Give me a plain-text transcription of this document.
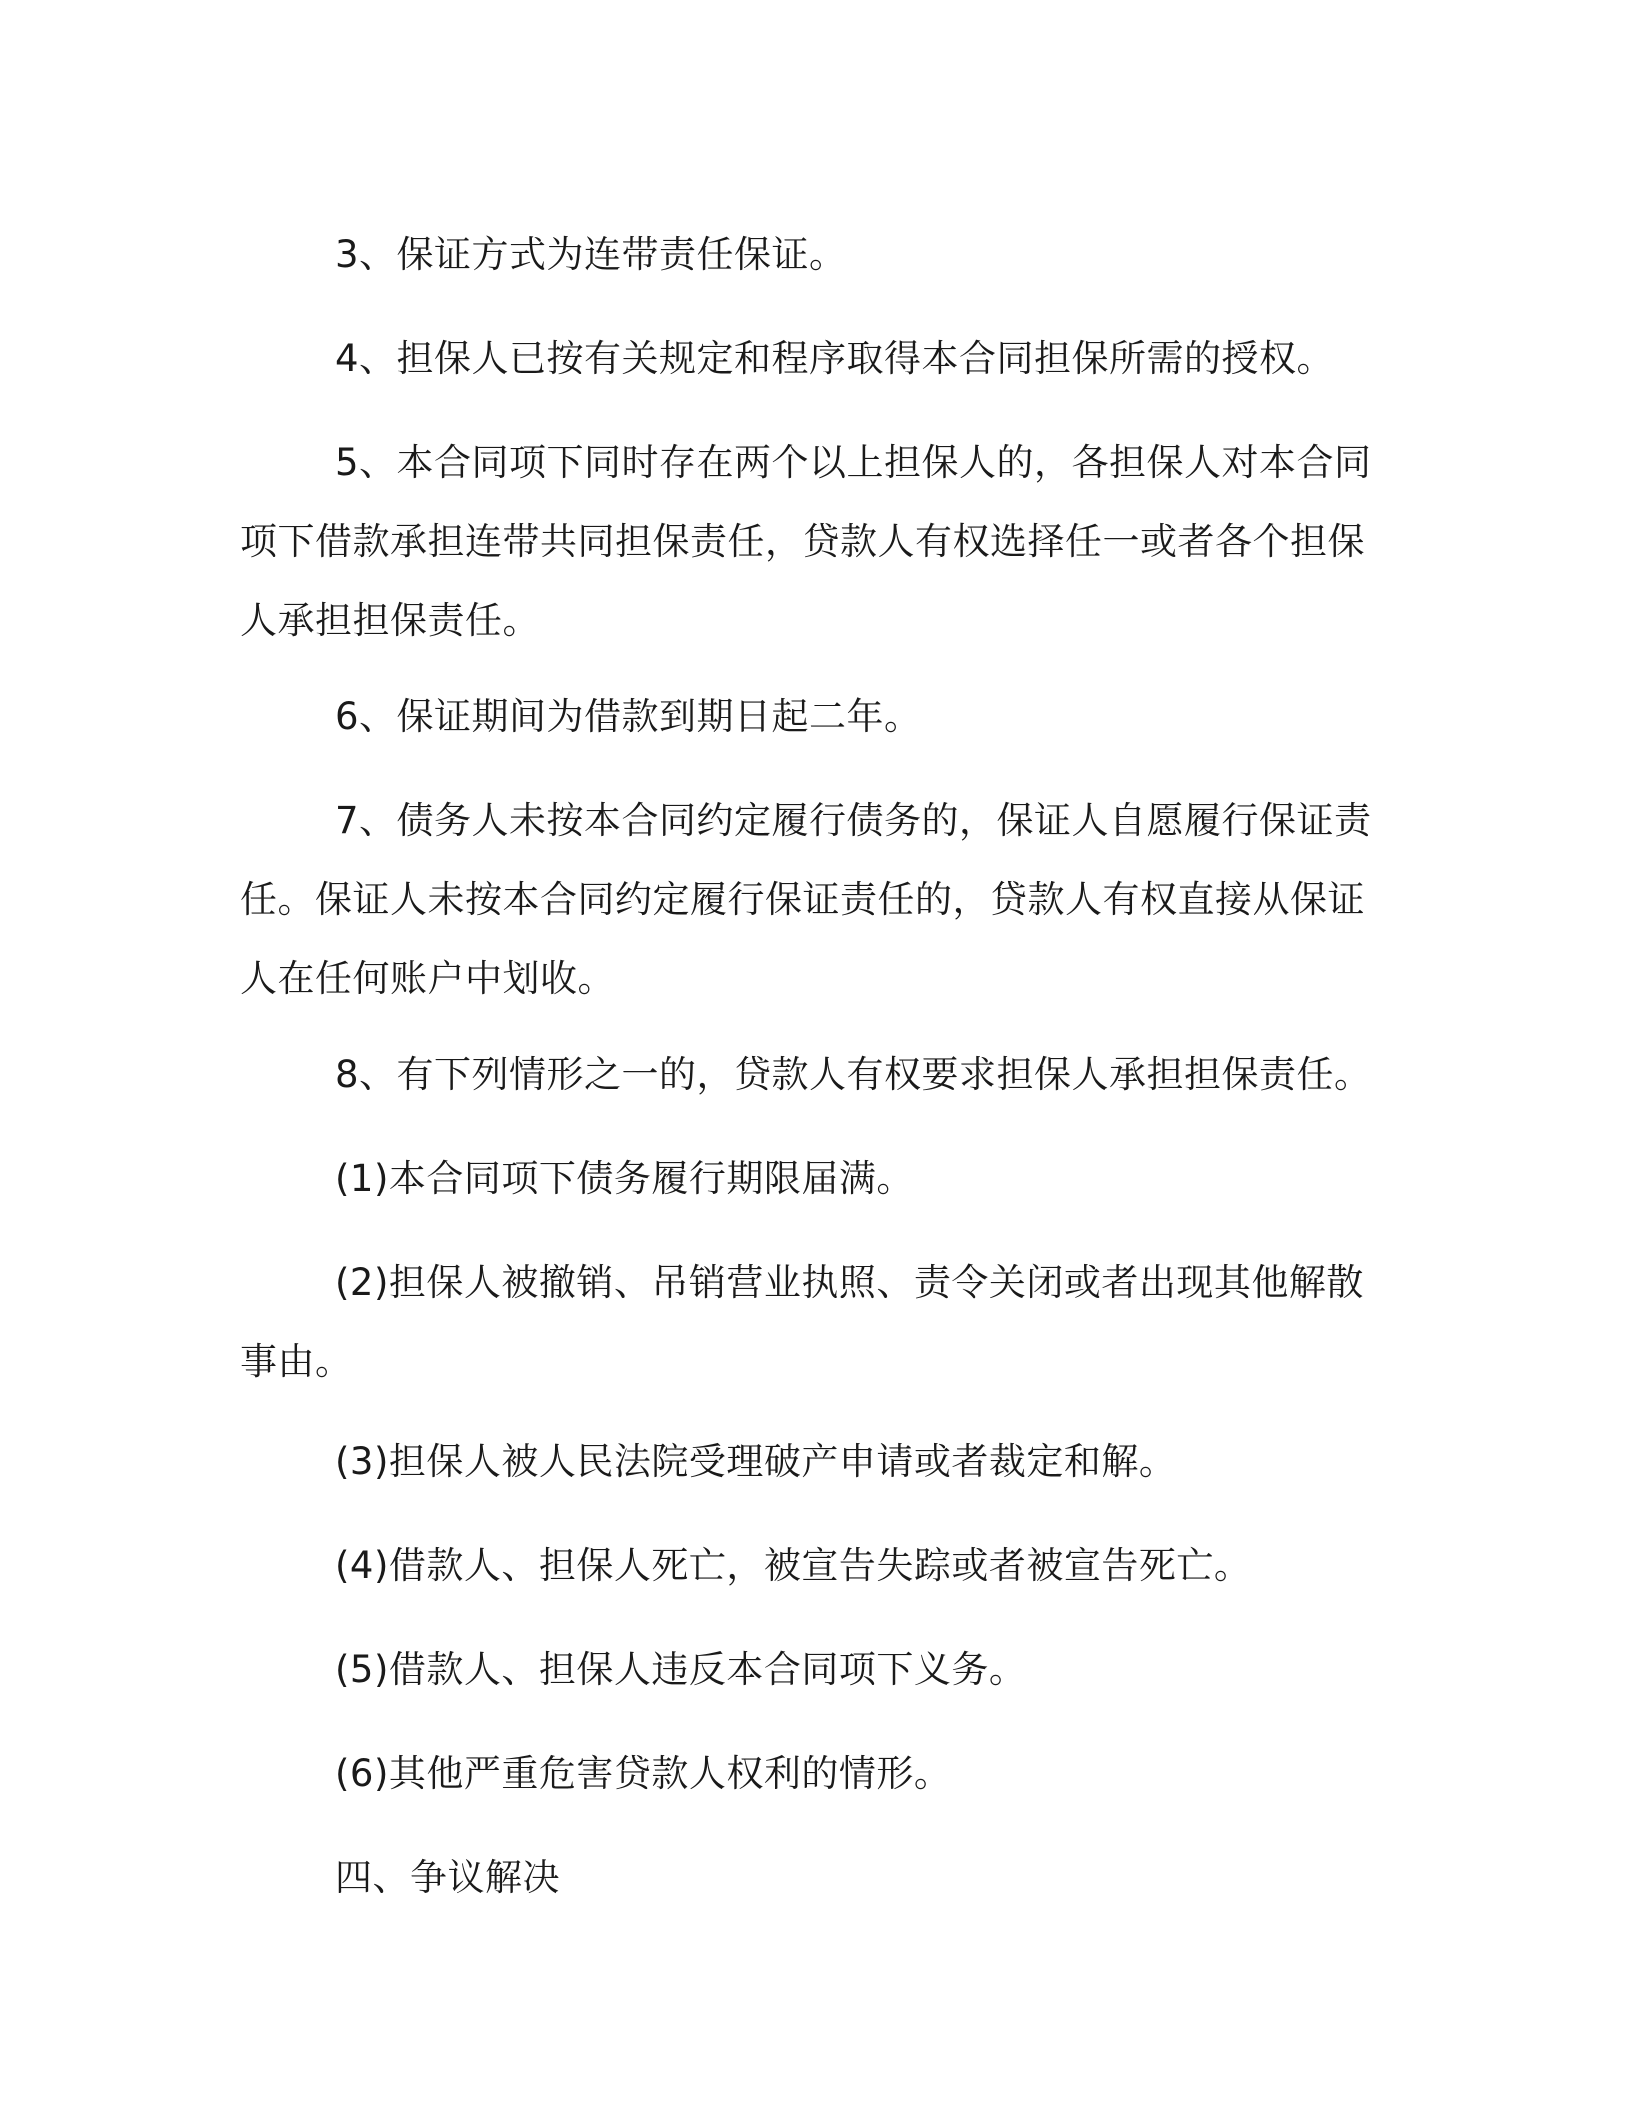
3、保证方式为连带责任保证。

4、担保人已按有关规定和程序取得本合同担保所需的授权。

5、本合同项下同时存在两个以上担保人的，各担保人对本合同项下借款承担连带共同担保责任，贷款人有权选择任一或者各个担保人承担担保责任。

6、保证期间为借款到期日起二年。

7、债务人未按本合同约定履行债务的，保证人自愿履行保证责任。保证人未按本合同约定履行保证责任的，贷款人有权直接从保证人在任何账户中划收。

8、有下列情形之一的，贷款人有权要求担保人承担担保责任。

(1)本合同项下债务履行期限届满。

(2)担保人被撤销、吊销营业执照、责令关闭或者出现其他解散事由。

(3)担保人被人民法院受理破产申请或者裁定和解。

(4)借款人、担保人死亡，被宣告失踪或者被宣告死亡。

(5)借款人、担保人违反本合同项下义务。

(6)其他严重危害贷款人权利的情形。

四、争议解决
